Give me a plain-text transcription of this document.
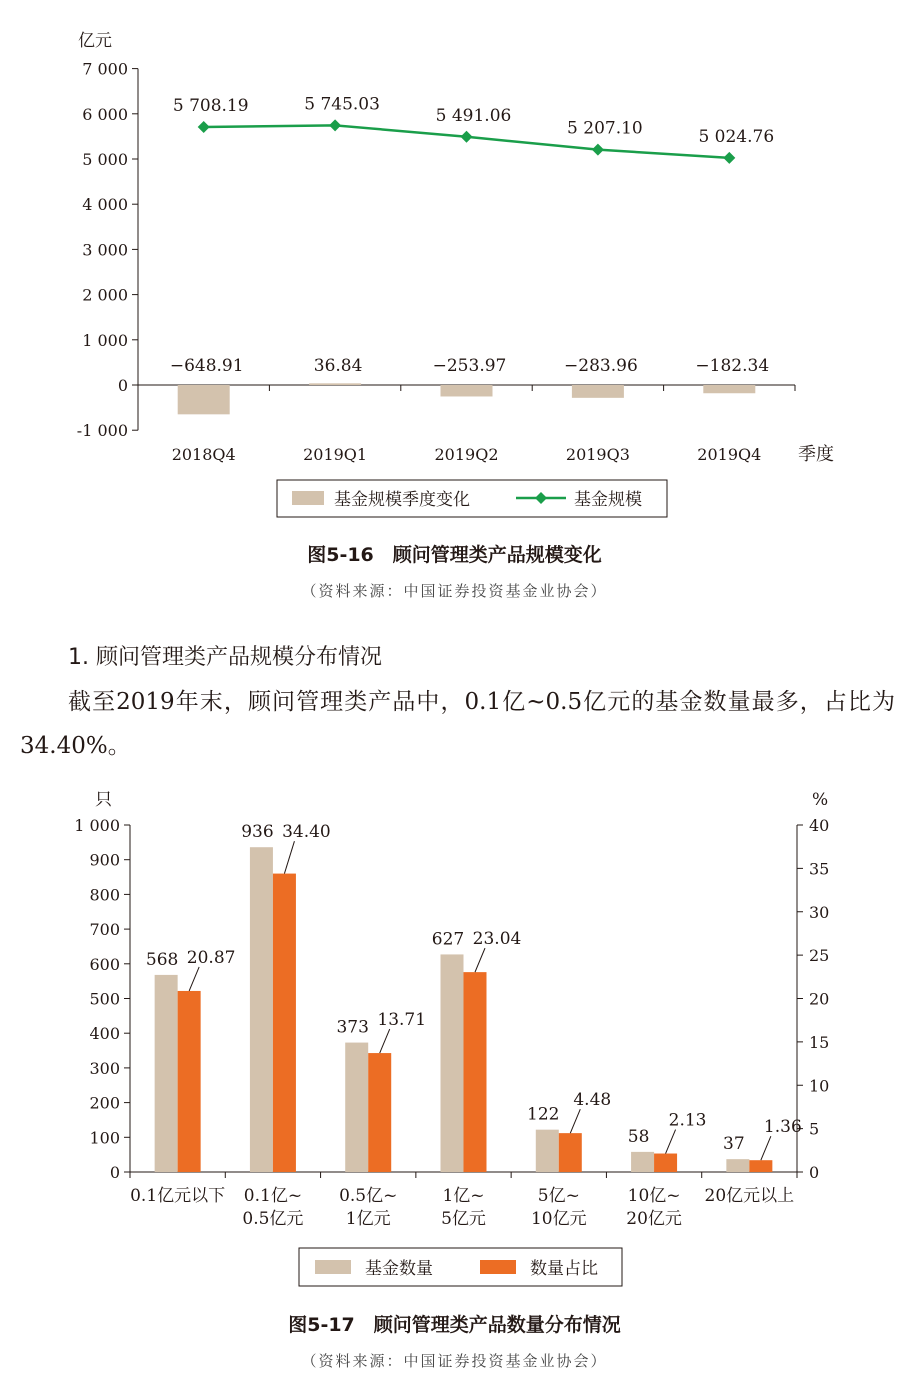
亿元
-1 000
0
1 000
2 000
3 000
4 000
5 000
6 000
7 000
2018Q4	2019Q1	2019Q2	2019Q3	2019Q4 季度
−648.91	36.84	−253.97	−283.96	−182.34
5 708.19	5 745.03
5 491.06
5 207.10	5 024.76
基金规模季度变化	基金规模
图5-16　顾问管理类产品规模变化
（资料来源：中国证券投资基金业协会）
1. 顾问管理类产品规模分布情况
截至2019年末，顾问管理类产品中，0.1亿~0.5亿元的基金数量最多，占比为34.40%。
只	%
0
100
200
300
400
500
600
700
800
900
1 000
0
5
10
15
20
25
30
35
40
0.1亿元以下 0.1亿~
0.5亿元
0.5亿~
1亿元
1亿~
5亿元
5亿~
10亿元
10亿~
20亿元
20亿元以上
568
936
373
627
122
58	37
20.87
34.40
13.71
23.04
4.48
2.13	1.36
基金数量	数量占比
图5-17　顾问管理类产品数量分布情况
（资料来源：中国证券投资基金业协会）
